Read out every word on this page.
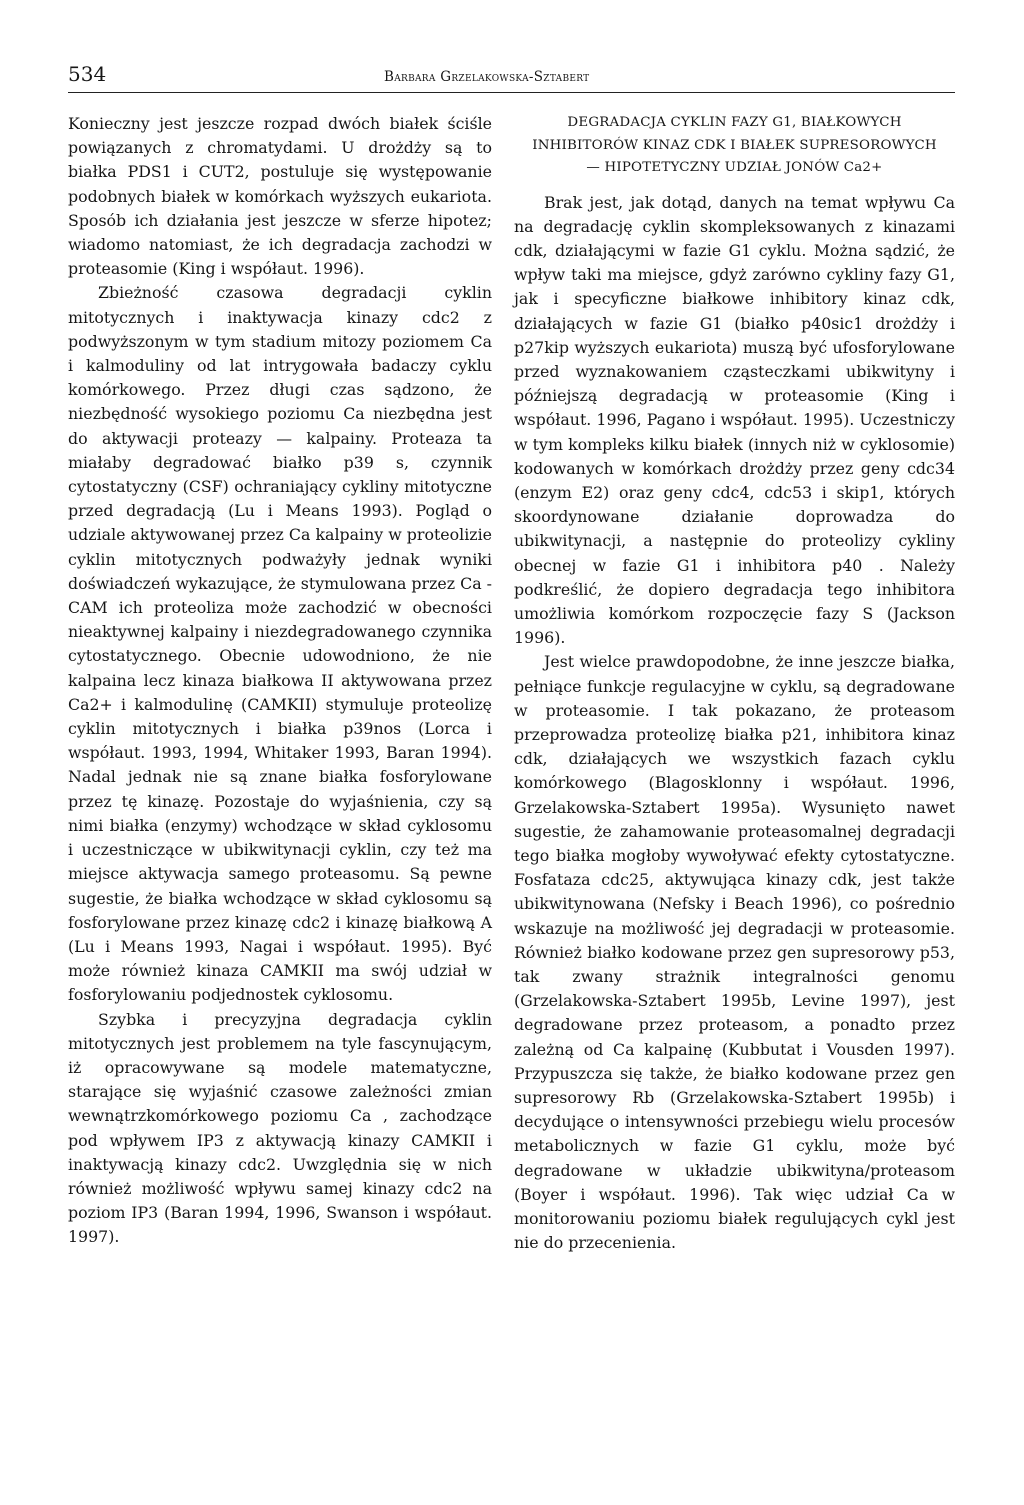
534	Barbara Grzelakowska-Sztabert

Konieczny jest jeszcze rozpad dwóch białek ściśle powiązanych z chromatydami. U drożdży są to białka PDS1 i CUT2, postuluje się występowanie podobnych białek w komórkach wyższych eukariota. Sposób ich działania jest jeszcze w sferze hipotez; wiadomo natomiast, że ich degradacja zachodzi w proteasomie (King i współaut. 1996).

Zbieżność czasowa degradacji cyklin mitotycznych i inaktywacja kinazy cdc2 z podwyższonym w tym stadium mitozy poziomem Ca i kalmoduliny od lat intrygowała badaczy cyklu komórkowego. Przez długi czas sądzono, że niezbędność wysokiego poziomu Ca niezbędna jest do aktywacji proteazy — kalpainy. Proteaza ta miałaby degradować białko p39 s, czynnik cytostatyczny (CSF) ochraniający cykliny mitotyczne przed degradacją (Lu i Means 1993). Pogląd o udziale aktywowanej przez Ca kalpainy w proteolizie cyklin mitotycznych podważyły jednak wyniki doświadczeń wykazujące, że stymulowana przez Ca - CAM ich proteoliza może zachodzić w obecności nieaktywnej kalpainy i niezdegradowanego czynnika cytostatycznego. Obecnie udowodniono, że nie kalpaina lecz kinaza białkowa II aktywowana przez Ca2+ i kalmodulinę (CAMKII) stymuluje proteolizę cyklin mitotycznych i białka p39nos (Lorca i współaut. 1993, 1994, Whitaker 1993, Baran 1994). Nadal jednak nie są znane białka fosforylowane przez tę kinazę. Pozostaje do wyjaśnienia, czy są nimi białka (enzymy) wchodzące w skład cyklosomu i uczestniczące w ubikwitynacji cyklin, czy też ma miejsce aktywacja samego proteasomu. Są pewne sugestie, że białka wchodzące w skład cyklosomu są fosforylowane przez kinazę cdc2 i kinazę białkową A (Lu i Means 1993, Nagai i współaut. 1995). Być może również kinaza CAMKII ma swój udział w fosforylowaniu podjednostek cyklosomu.

Szybka i precyzyjna degradacja cyklin mitotycznych jest problemem na tyle fascynującym, iż opracowywane są modele matematyczne, starające się wyjaśnić czasowe zależności zmian wewnątrzkomórkowego poziomu Ca , zachodzące pod wpływem IP3 z aktywacją kinazy CAMKII i inaktywacją kinazy cdc2. Uwzględnia się w nich również możliwość wpływu samej kinazy cdc2 na poziom IP3 (Baran 1994, 1996, Swanson i współaut. 1997).

DEGRADACJA CYKLIN FAZY G1, BIAŁKOWYCH
INHIBITORÓW KINAZ CDK I BIAŁEK SUPRESOROWYCH
— HIPOTETYCZNY UDZIAŁ JONÓW Ca2+

Brak jest, jak dotąd, danych na temat wpływu Ca na degradację cyklin skompleksowanych z kinazami cdk, działającymi w fazie G1 cyklu. Można sądzić, że wpływ taki ma miejsce, gdyż zarówno cykliny fazy G1, jak i specyficzne białkowe inhibitory kinaz cdk, działających w fazie G1 (białko p40sic1 drożdży i p27kip wyższych eukariota) muszą być ufosforylowane przed wyznakowaniem cząsteczkami ubikwityny i późniejszą degradacją w proteasomie (King i współaut. 1996, Pagano i współaut. 1995). Uczestniczy w tym kompleks kilku białek (innych niż w cyklosomie) kodowanych w komórkach drożdży przez geny cdc34 (enzym E2) oraz geny cdc4, cdc53 i skip1, których skoordynowane działanie doprowadza do ubikwitynacji, a następnie do proteolizy cykliny obecnej w fazie G1 i inhibitora p40 . Należy podkreślić, że dopiero degradacja tego inhibitora umożliwia komórkom rozpoczęcie fazy S (Jackson 1996).

Jest wielce prawdopodobne, że inne jeszcze białka, pełniące funkcje regulacyjne w cyklu, są degradowane w proteasomie. I tak pokazano, że proteasom przeprowadza proteolizę białka p21, inhibitora kinaz cdk, działających we wszystkich fazach cyklu komórkowego (Blagosklonny i współaut. 1996, Grzelakowska-Sztabert 1995a). Wysunięto nawet sugestie, że zahamowanie proteasomalnej degradacji tego białka mogłoby wywoływać efekty cytostatyczne. Fosfataza cdc25, aktywująca kinazy cdk, jest także ubikwitynowana (Nefsky i Beach 1996), co pośrednio wskazuje na możliwość jej degradacji w proteasomie. Również białko kodowane przez gen supresorowy p53, tak zwany strażnik integralności genomu (Grzelakowska-Sztabert 1995b, Levine 1997), jest degradowane przez proteasom, a ponadto przez zależną od Ca kalpainę (Kubbutat i Vousden 1997). Przypuszcza się także, że białko kodowane przez gen supresorowy Rb (Grzelakowska-Sztabert 1995b) i decydujące o intensywności przebiegu wielu procesów metabolicznych w fazie G1 cyklu, może być degradowane w układzie ubikwityna/proteasom (Boyer i współaut. 1996). Tak więc udział Ca w monitorowaniu poziomu białek regulujących cykl jest nie do przecenienia.
